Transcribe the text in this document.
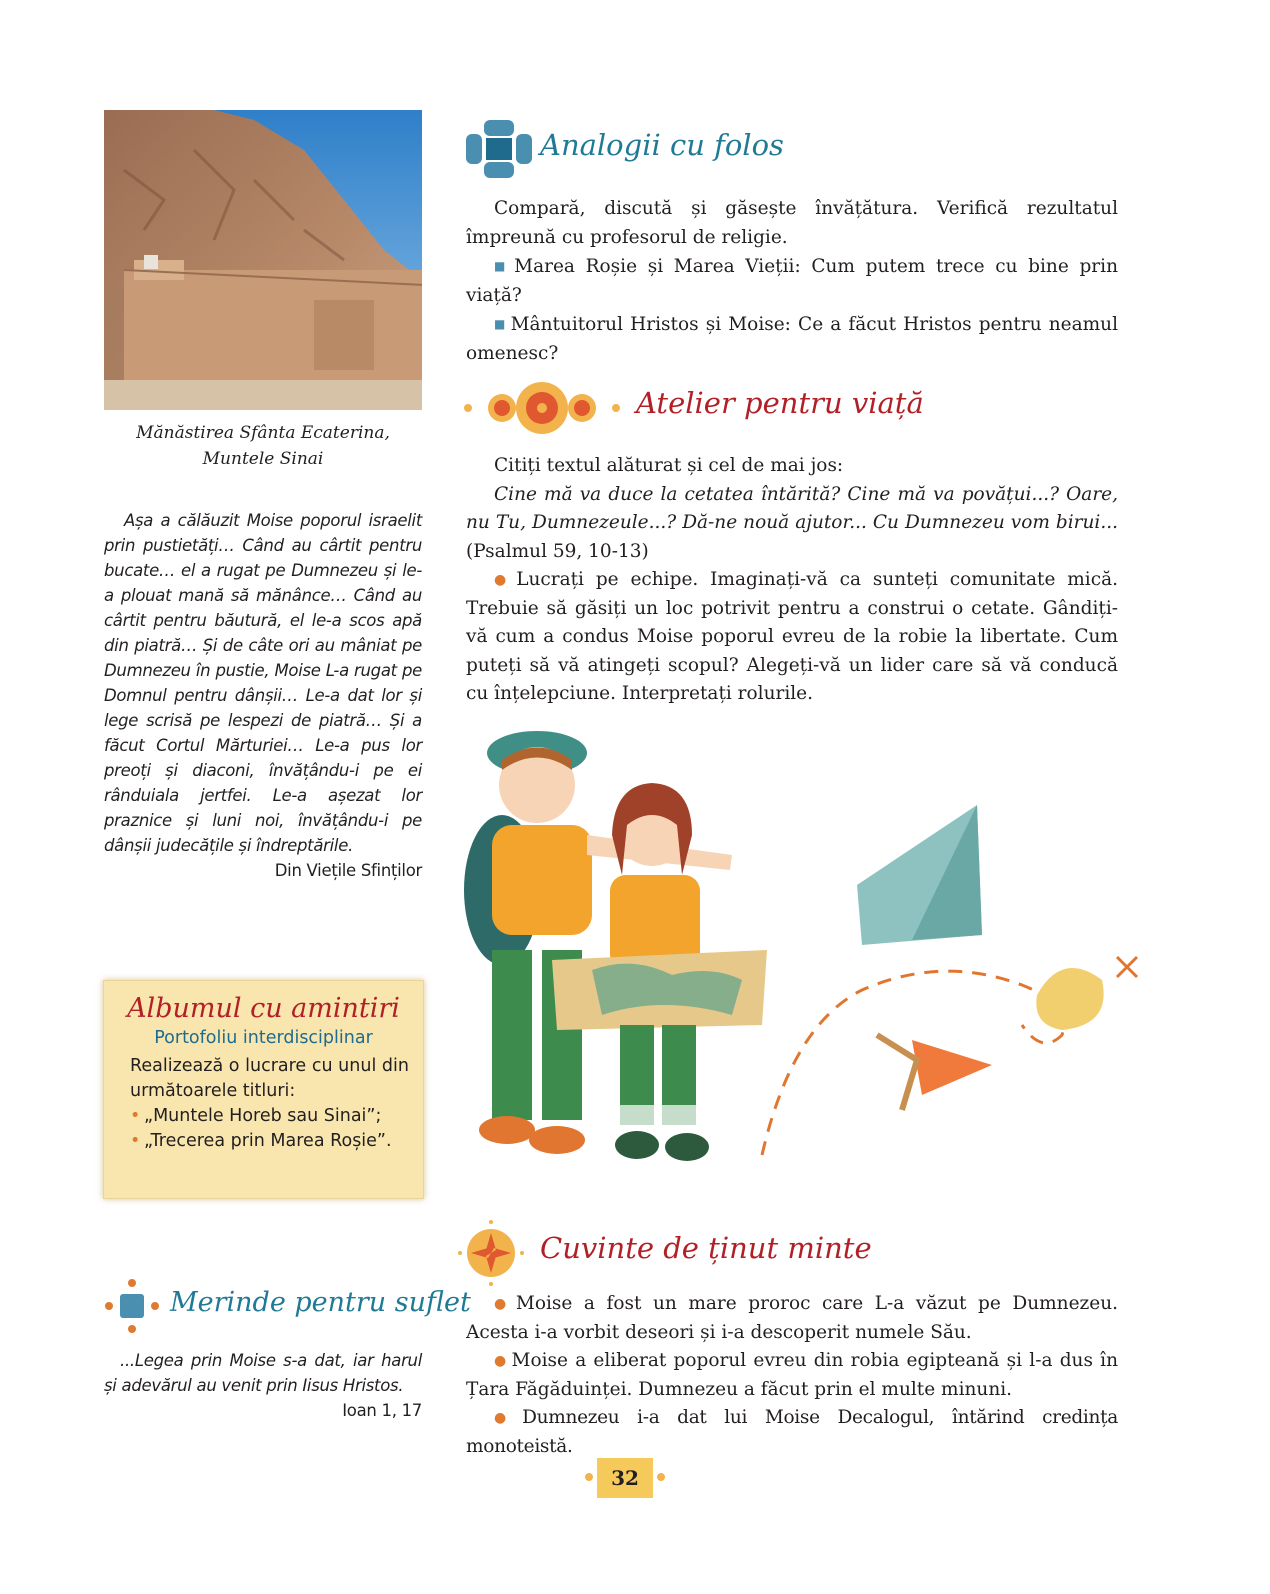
Mănăstirea Sfânta Ecaterina,
Muntele Sinai

Așa a călăuzit Moise poporul israelit prin pustietăți… Când au cârtit pentru bucate… el a rugat pe Dumnezeu și le-a plouat mană să mănânce… Când au cârtit pentru băutură, el le-a scos apă din piatră… Și de câte ori au mâniat pe Dumnezeu în pustie, Moise L-a rugat pe Domnul pentru dânșii… Le-a dat lor și lege scrisă pe lespezi de piatră… Și a făcut Cortul Mărturiei… Le-a pus lor preoți și diaconi, învățându-i pe ei rânduiala jertfei. Le-a așezat lor praznice și luni noi, învățându-i pe dânșii judecățile și îndreptările.

Din Viețile Sfinților

Albumul cu amintiri
Portofoliu interdisciplinar
Realizează o lucrare cu unul din următoarele titluri:
• „Muntele Horeb sau Sinai”;
• „Trecerea prin Marea Roșie”.
Merinde pentru suflet

...Legea prin Moise s-a dat, iar harul și adevărul au venit prin Iisus Hristos.

Ioan 1, 17

Analogii cu folos

Compară, discută și găsește învățătura. Verifică rezultatul împreună cu profesorul de religie.

■ Marea Roșie și Marea Vieții: Cum putem trece cu bine prin viață?

■ Mântuitorul Hristos și Moise: Ce a făcut Hristos pentru neamul omenesc?

Atelier pentru viață

Citiți textul alăturat și cel de mai jos:

Cine mă va duce la cetatea întărită? Cine mă va povățui...? Oare, nu Tu, Dumnezeule...? Dă-ne nouă ajutor... Cu Dumnezeu vom birui... (Psalmul 59, 10-13)

● Lucrați pe echipe. Imaginați-vă ca sunteți comunitate mică. Trebuie să găsiți un loc potrivit pentru a construi o cetate. Gândiți-vă cum a condus Moise poporul evreu de la robie la libertate. Cum puteți să vă atingeți scopul? Alegeți-vă un lider care să vă conducă cu înțelepciune. Interpretați rolurile.

Cuvinte de ținut minte

● Moise a fost un mare proroc care L-a văzut pe Dumnezeu. Acesta i-a vorbit deseori și i-a descoperit numele Său.

● Moise a eliberat poporul evreu din robia egipteană și l-a dus în Țara Făgăduinței. Dumnezeu a făcut prin el multe minuni.

● Dumnezeu i-a dat lui Moise Decalogul, întărind credința monoteistă.

32
